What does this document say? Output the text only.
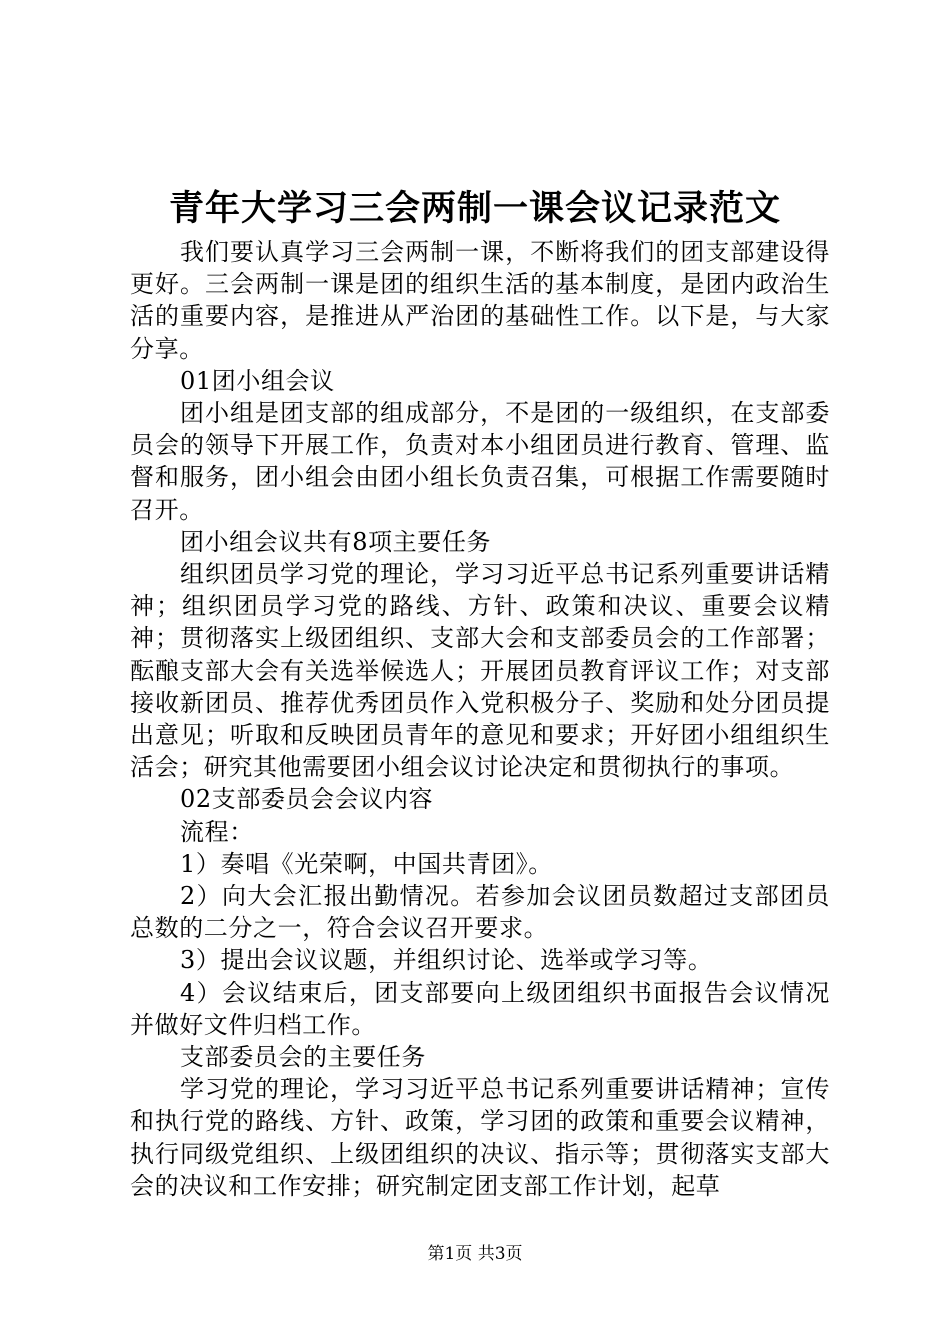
青年大学习三会两制一课会议记录范文

我们要认真学习三会两制一课，不断将我们的团支部建设得更好。三会两制一课是团的组织生活的基本制度，是团内政治生活的重要内容，是推进从严治团的基础性工作。以下是，与大家分享。

01团小组会议

团小组是团支部的组成部分，不是团的一级组织，在支部委员会的领导下开展工作，负责对本小组团员进行教育、管理、监督和服务，团小组会由团小组长负责召集，可根据工作需要随时召开。

团小组会议共有8项主要任务

组织团员学习党的理论，学习习近平总书记系列重要讲话精神；组织团员学习党的路线、方针、政策和决议、重要会议精神；贯彻落实上级团组织、支部大会和支部委员会的工作部署；酝酿支部大会有关选举候选人；开展团员教育评议工作；对支部接收新团员、推荐优秀团员作入党积极分子、奖励和处分团员提出意见；听取和反映团员青年的意见和要求；开好团小组组织生活会；研究其他需要团小组会议讨论决定和贯彻执行的事项。

02支部委员会会议内容

流程：

1）奏唱《光荣啊，中国共青团》。

2）向大会汇报出勤情况。若参加会议团员数超过支部团员总数的二分之一，符合会议召开要求。

3）提出会议议题，并组织讨论、选举或学习等。

4）会议结束后，团支部要向上级团组织书面报告会议情况并做好文件归档工作。

支部委员会的主要任务

学习党的理论，学习习近平总书记系列重要讲话精神；宣传和执行党的路线、方针、政策，学习团的政策和重要会议精神，执行同级党组织、上级团组织的决议、指示等；贯彻落实支部大会的决议和工作安排；研究制定团支部工作计划，起草

第1页 共3页
